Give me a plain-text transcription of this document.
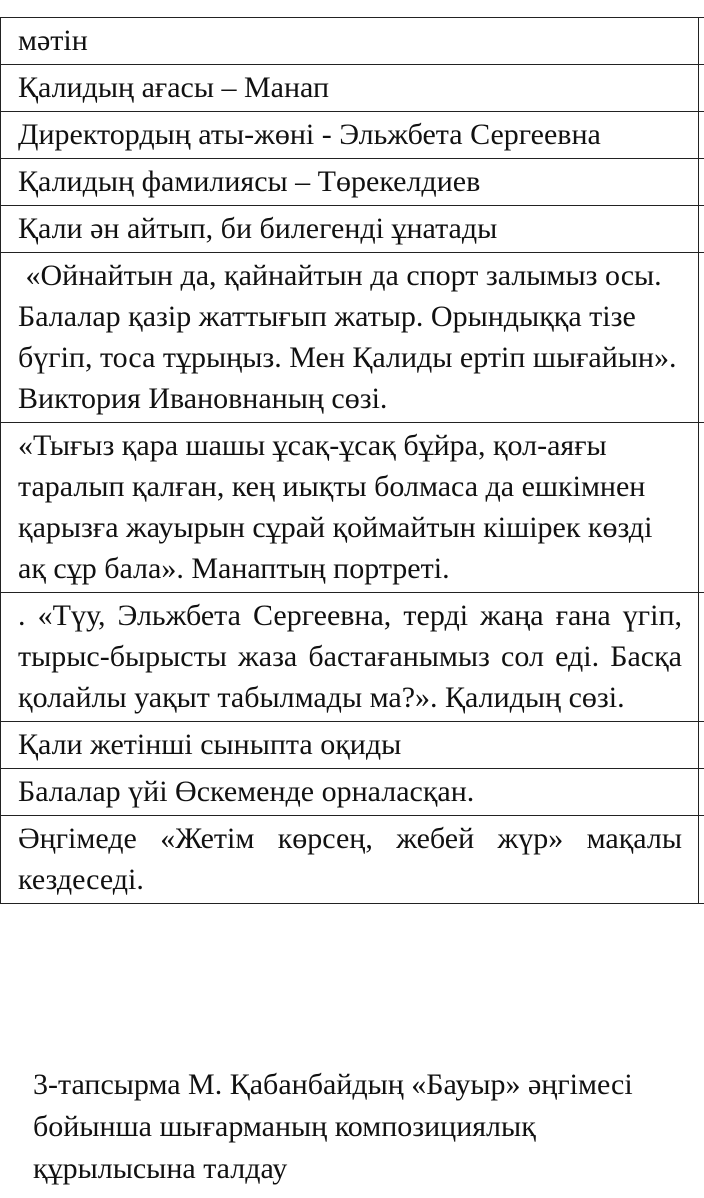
мәтін	
Қалидың ағасы – Манап	
Директордың аты-жөні - Эльжбета Сергеевна	
Қалидың фамилиясы – Төрекелдиев	
Қали ән айтып, би билегенді ұнатады	
«Ойнайтын да, қайнайтын да спорт залымыз осы. Балалар қазір жаттығып жатыр. Орындыққа тізе бүгіп, тоса тұрыңыз. Мен Қалиды ертіп шығайын». Виктория Ивановнаның сөзі.	
«Тығыз қара шашы ұсақ-ұсақ бұйра, қол-аяғы таралып қалған, кең иықты болмаса да ешкімнен қарызға жауырын сұрай қоймайтын кішірек көзді ақ сұр бала». Манаптың портреті.	
. «Түу, Эльжбета Сергеевна, терді жаңа ғана үгіп, тырыс-бырысты жаза бастағанымыз сол еді. Басқа қолайлы уақыт табылмады ма?». Қалидың сөзі.	
Қали жетінші сыныпта оқиды	
Балалар үйі Өскеменде орналасқан.	
Әңгімеде «Жетім көрсең, жебей жүр» мақалы кездеседі.	

3-тапсырма М. Қабанбайдың «Бауыр» әңгімесі бойынша шығарманың композициялық құрылысына талдау
